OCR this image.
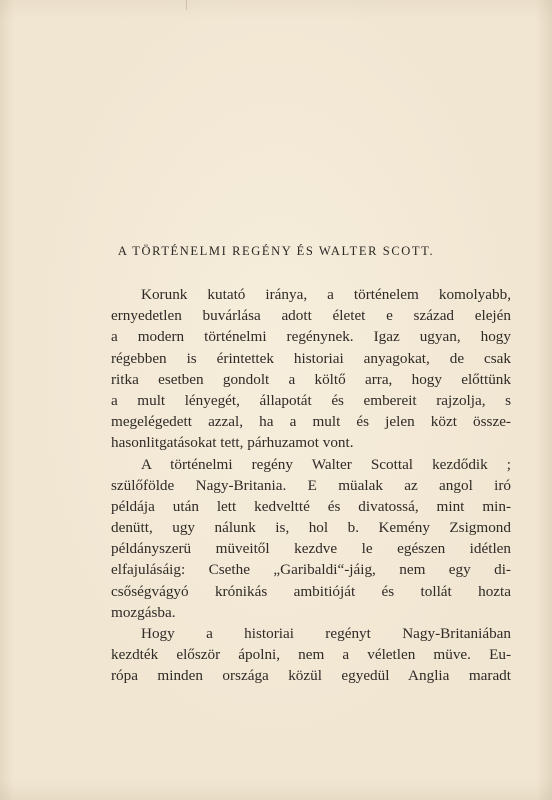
A TÖRTÉNELMI REGÉNY ÉS WALTER SCOTT.
Korunk kutató iránya, a történelem komolyabb,
ernyedetlen buvárlása adott életet e század elején
a modern történelmi regénynek. Igaz ugyan, hogy
régebben is érintettek historiai anyagokat, de csak
ritka esetben gondolt a költő arra, hogy előttünk
a mult lényegét, állapotát és embereit rajzolja, s
megelégedett azzal, ha a mult és jelen közt össze-
hasonlitgatásokat tett, párhuzamot vont.
A történelmi regény Walter Scottal kezdődik ;
szülőfölde Nagy-Britania. E müalak az angol iró
példája után lett kedveltté és divatossá, mint min-
denütt, ugy nálunk is, hol b. Kemény Zsigmond
példányszerü müveitől kezdve le egészen idétlen
elfajulásáig: Csethe „Garibaldi“-jáig, nem egy di-
csőségvágyó krónikás ambitióját és tollát hozta
mozgásba.
Hogy a historiai regényt Nagy-Britaniában
kezdték először ápolni, nem a véletlen müve. Eu-
rópa minden országa közül egyedül Anglia maradt
